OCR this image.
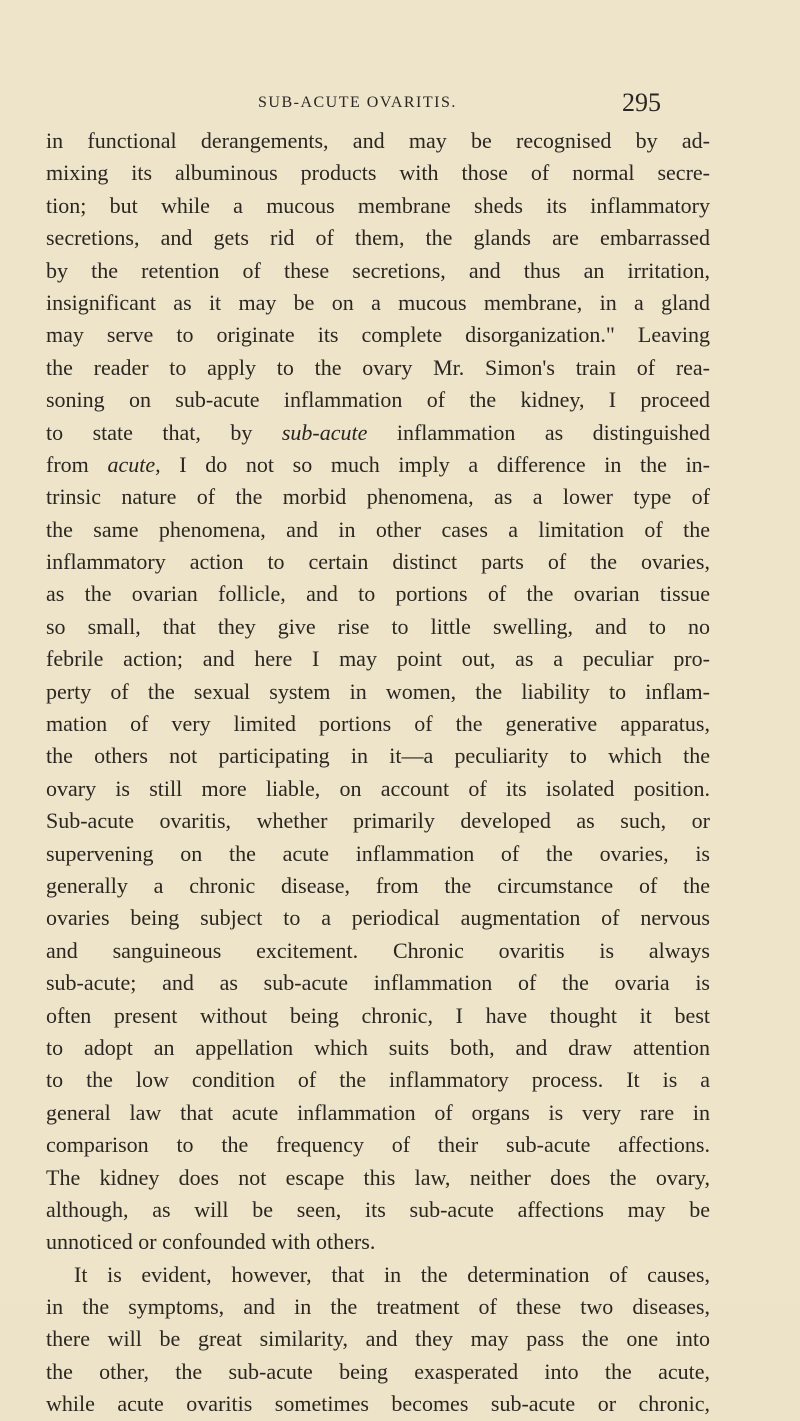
SUB-ACUTE OVARITIS.	295
in functional derangements, and may be recognised by ad-
mixing its albuminous products with those of normal secre-
tion; but while a mucous membrane sheds its inflammatory
secretions, and gets rid of them, the glands are embarrassed
by the retention of these secretions, and thus an irritation,
insignificant as it may be on a mucous membrane, in a gland
may serve to originate its complete disorganization." Leaving
the reader to apply to the ovary Mr. Simon's train of rea-
soning on sub-acute inflammation of the kidney, I proceed
to state that, by sub-acute inflammation as distinguished
from acute, I do not so much imply a difference in the in-
trinsic nature of the morbid phenomena, as a lower type of
the same phenomena, and in other cases a limitation of the
inflammatory action to certain distinct parts of the ovaries,
as the ovarian follicle, and to portions of the ovarian tissue
so small, that they give rise to little swelling, and to no
febrile action; and here I may point out, as a peculiar pro-
perty of the sexual system in women, the liability to inflam-
mation of very limited portions of the generative apparatus,
the others not participating in it—a peculiarity to which the
ovary is still more liable, on account of its isolated position.
Sub-acute ovaritis, whether primarily developed as such, or
supervening on the acute inflammation of the ovaries, is
generally a chronic disease, from the circumstance of the
ovaries being subject to a periodical augmentation of nervous
and sanguineous excitement. Chronic ovaritis is always
sub-acute; and as sub-acute inflammation of the ovaria is
often present without being chronic, I have thought it best
to adopt an appellation which suits both, and draw attention
to the low condition of the inflammatory process. It is a
general law that acute inflammation of organs is very rare in
comparison to the frequency of their sub-acute affections.
The kidney does not escape this law, neither does the ovary,
although, as will be seen, its sub-acute affections may be
unnoticed or confounded with others.
It is evident, however, that in the determination of causes,
in the symptoms, and in the treatment of these two diseases,
there will be great similarity, and they may pass the one into
the other, the sub-acute being exasperated into the acute,
while acute ovaritis sometimes becomes sub-acute or chronic,
